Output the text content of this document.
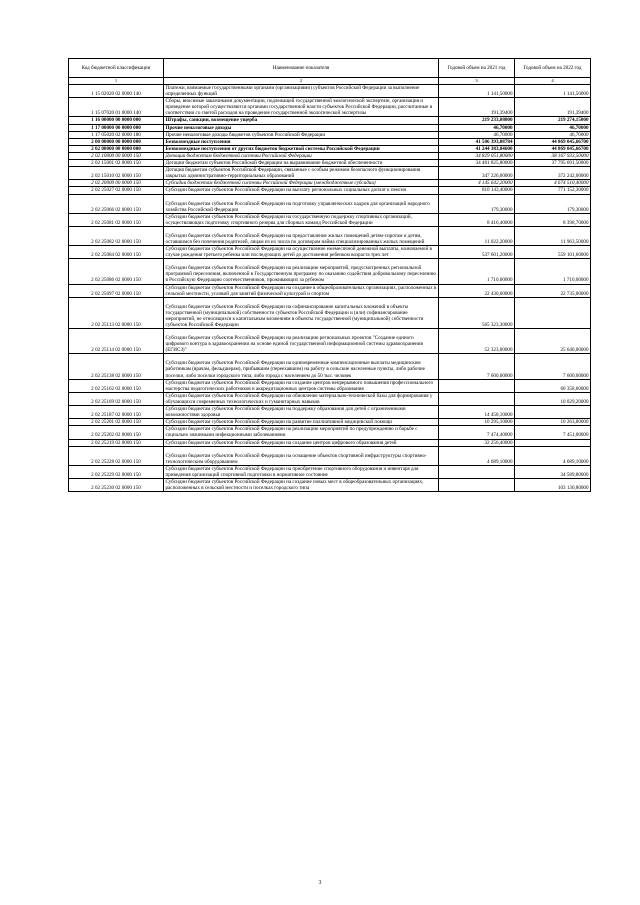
Код бюджетной классификации	Наименование показателя	Годовой объем на 2021 год	Годовой объем на 2022 год
1	2	3	4
1 15 02020 02 0000 140	Платежи, взимаемые государственными органами (организациями) субъектов Российской Федерации за выполнение определенных функций	1 141,50000	1 141,50000
1 15 07020 01 0000 140	Сборы, вносимые заказчиками документации, подлежащей государственной экологической экспертизе, организация и проведение которой осуществляются органами государственной власти субъектов Российской Федерации, рассчитанные в соответствии со сметой расходов на проведение государственной экологической экспертизы	191,39400	191,39400
1 16 00000 00 0000 000	Штрафы, санкции, возмещение ущерба	219 233,08000	219 274,15000
1 17 00000 00 0000 000	Прочие неналоговые доходы	46,70000	46,70000
1 17 05020 02 0000 180	Прочие неналоговые доходы бюджетов субъектов Российской Федерации	46,70000	46,70000
2 00 00000 00 0000 000	Безвозмездные поступления	41 506 393,08784	44 869 045,66700
2 02 00000 00 0000 000	Безвозмездные поступления от других бюджетов бюджетной системы Российской Федерации	41 244 383,84600	44 869 045,66700
2 02 10000 00 0000 150	Дотации бюджетам бюджетной системы Российской Федерации	34 829 051,80000	38 167 933,50000
2 02 15001 02 0000 150	Дотации бюджетам субъектов Российской Федерации на выравнивание бюджетной обеспеченности	34 481 825,80000	37 795 691,50000
2 02 15010 02 0000 150	Дотация бюджетам субъектов Российской Федерации, связанные с особым режимом безопасного функционирования закрытых административно-территориальных образований	347 226,00000	372 242,00000
2 02 20000 00 0000 150	Субсидии бюджетам бюджетной системы Российской Федерации (межбюджетные субсидии)	4 145 642,20000	4 674 510,40000
2 02 25027 02 0000 150	Субсидии бюджетам субъектов Российской Федерации на выплату региональных социальных доплат к пенсии	810 143,40000	771 152,30000
2 02 25066 02 0000 150	Субсидии бюджетам субъектов Российской Федерации на подготовку управленческих кадров для организаций народного хозяйства Российской Федерации	179,30000	179,30000
2 02 25081 02 0000 150	Субсидии бюджетам субъектов Российской Федерации на государственную поддержку спортивных организаций, осуществляющих подготовку спортивного резерва для сборных команд Российской Федерации	8 416,40000	8 398,70000
2 02 25082 02 0000 150	Субсидии бюджетам субъектов Российской Федерации на предоставление жилых помещений детям-сиротам и детям, оставшимся без попечения родителей, лицам из их числа по договорам найма специализированных жилых помещений	11 022,20000	11 963,50000
2 02 25084 02 0000 150	Субсидии бюджетам субъектов Российской Федерации на осуществление ежемесячной денежной выплаты, назначаемой в случае рождения третьего ребенка или последующих детей до достижения ребенком возраста трех лет	537 601,20000	559 101,60000
2 02 25086 02 0000 150	Субсидии бюджетам субъектов Российской Федерации на реализацию мероприятий, предусмотренных региональной программой переселения, включенной в Государственную программу по оказанию содействия добровольному переселению в Российскую Федерацию соотечественников, проживающих за рубежом	1 710,00000	1 710,00000
2 02 25097 02 0000 150	Субсидии бюджетам субъектов Российской Федерации на создание в общеобразовательных организациях, расположенных в сельской местности, условий для занятий физической культурой и спортом	22 430,60000	22 735,00000
2 02 25113 02 0000 150	Субсидии бюджетам субъектов Российской Федерации на софинансирование капитальных вложений в объекты государственной (муниципальной) собственности субъектов Российской Федерации и (или) софинансирование мероприятий, не относящихся к капитальным вложениям в объекты государственной (муниципальной) собственности субъектов Российской Федерации	565 323,30000	
2 02 25114 02 0000 150	Субсидии бюджетам субъектов Российской Федерации на реализацию региональных проектов "Создание единого цифрового контура в здравоохранении на основе единой государственной информационной системы здравоохранения (ЕГИСЗ)"	52 323,00000	25 640,00000
2 02 25138 02 0000 150	Субсидии бюджетам субъектов Российской Федерации на единовременные компенсационные выплаты медицинским работникам (врачам, фельдшерам), прибывшим (переехавшим) на работу в сельские населенные пункты, либо рабочие поселки, либо поселки городского типа, либо города с населением до 50 тыс. человек	7 600,00000	7 600,00000
2 02 25162 02 0000 150	Субсидии бюджетам субъектов Российской Федерации на создание центров непрерывного повышения профессионального мастерства педагогических работников и аккредитационных центров системы образования		60 358,60000
2 02 25169 02 0000 150	Субсидии бюджетам субъектов Российской Федерации на обновление материально-технической базы для формирования у обучающихся современных технологических и гуманитарных навыков		10 029,20000
2 02 25187 02 0000 150	Субсидии бюджетам субъектов Российской Федерации на поддержку образования для детей с ограниченными возможностями здоровья	14 458,10000	
2 02 25201 02 0000 150	Субсидии бюджетам субъектов Российской Федерации на развитие паллиативной медицинской помощи	10 295,10000	10 263,80000
2 02 25202 02 0000 150	Субсидии бюджетам субъектов Российской Федерации на реализацию мероприятий по предупреждению и борьбе с социально значимыми инфекционными заболеваниями	7 474,40000	7 451,00000
2 02 25219 02 0000 150	Субсидии бюджетам субъектов Российской Федерации на создание центров цифрового образования детей	32 256,40000	
2 02 25228 02 0000 150	Субсидии бюджетам субъектов Российской Федерации на оснащение объектов спортивной инфраструктуры спортивно-технологическим оборудованием	4 689,10000	4 689,10000
2 02 25229 02 0000 150	Субсидии бюджетам субъектов Российской Федерации на приобретение спортивного оборудования и инвентаря для приведения организаций спортивной подготовки в нормативное состояние		34 589,80000
2 02 25230 02 0000 150	Субсидии бюджетам субъектов Российской Федерации на создание новых мест в общеобразовательных организациях, расположенных в сельской местности и поселках городского типа		103 130,80000
3
